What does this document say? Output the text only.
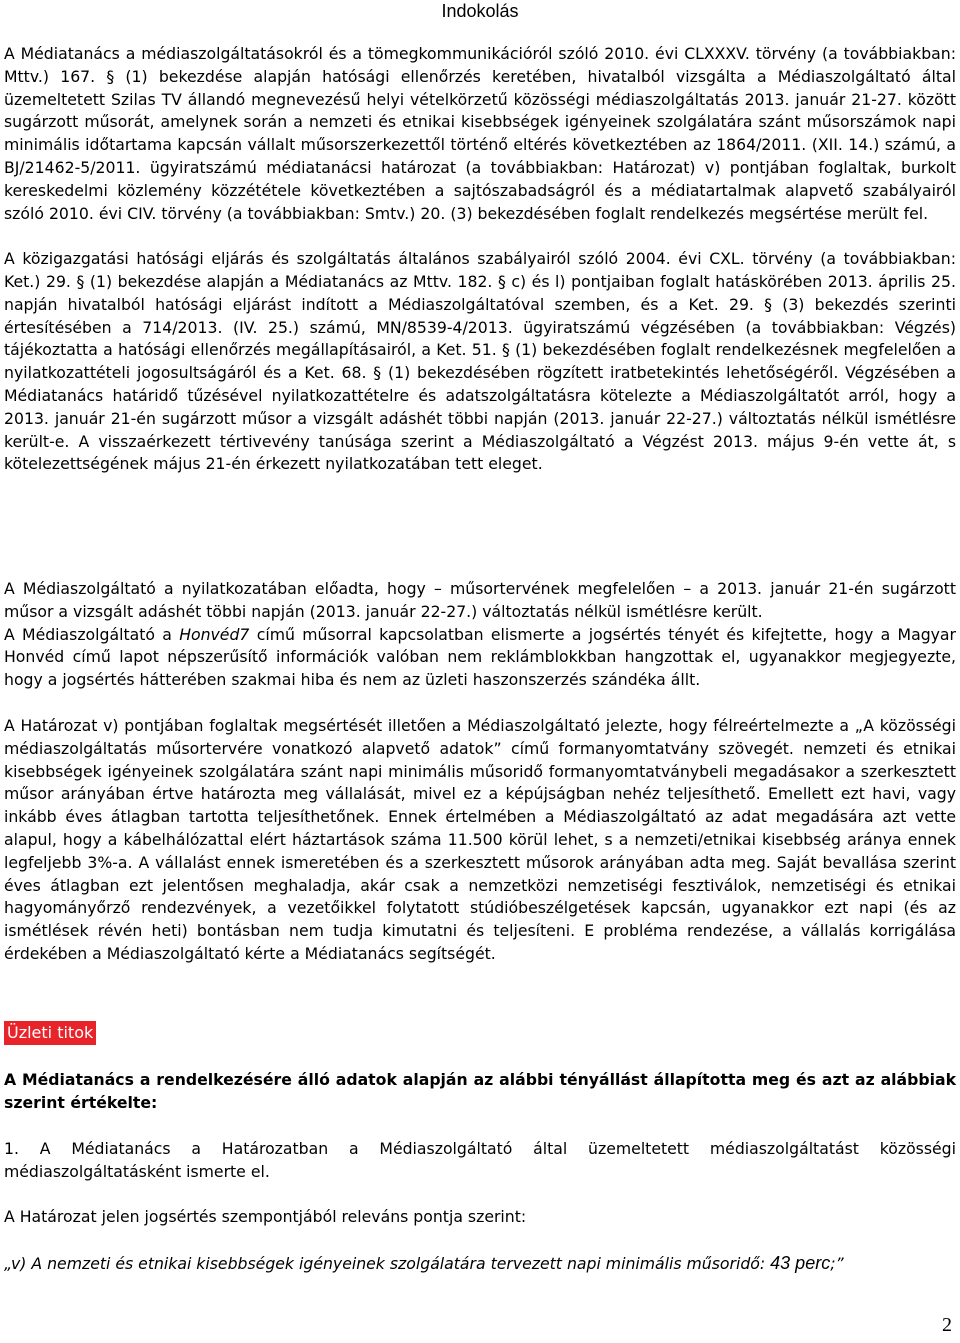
Indokolás

A Médiatanács a médiaszolgáltatásokról és a tömegkommunikációról szóló 2010. évi CLXXXV. törvény (a továbbiakban: Mttv.) 167. § (1) bekezdése alapján hatósági ellenőrzés keretében, hivatalból vizsgálta a Médiaszolgáltató által üzemeltetett Szilas TV állandó megnevezésű helyi vételkörzetű közösségi médiaszolgáltatás 2013. január 21-27. között sugárzott műsorát, amelynek során a nemzeti és etnikai kisebbségek igényeinek szolgálatára szánt műsorszámok napi minimális időtartama kapcsán vállalt műsorszerkezettől történő eltérés következtében az 1864/2011. (XII. 14.) számú, a BJ/21462-5/2011. ügyiratszámú médiatanácsi határozat (a továbbiakban: Határozat) v) pontjában foglaltak, burkolt kereskedelmi közlemény közzététele következtében a sajtószabadságról és a médiatartalmak alapvető szabályairól szóló 2010. évi CIV. törvény (a továbbiakban: Smtv.) 20. (3) bekezdésében foglalt rendelkezés megsértése merült fel.

A közigazgatási hatósági eljárás és szolgáltatás általános szabályairól szóló 2004. évi CXL. törvény (a továbbiakban: Ket.) 29. § (1) bekezdése alapján a Médiatanács az Mttv. 182. § c) és l) pontjaiban foglalt hatáskörében 2013. április 25. napján hivatalból hatósági eljárást indított a Médiaszolgáltatóval szemben, és a Ket. 29. § (3) bekezdés szerinti értesítésében a 714/2013. (IV. 25.) számú, MN/8539-4/2013. ügyiratszámú végzésében (a továbbiakban: Végzés) tájékoztatta a hatósági ellenőrzés megállapításairól, a Ket. 51. § (1) bekezdésében foglalt rendelkezésnek megfelelően a nyilatkozattételi jogosultságáról és a Ket. 68. § (1) bekezdésében rögzített iratbetekintés lehetőségéről. Végzésében a Médiatanács határidő tűzésével nyilatkozattételre és adatszolgáltatásra kötelezte a Médiaszolgáltatót arról, hogy a 2013. január 21-én sugárzott műsor a vizsgált adáshét többi napján (2013. január 22-27.) változtatás nélkül ismétlésre került-e. A visszaérkezett tértivevény tanúsága szerint a Médiaszolgáltató a Végzést 2013. május 9-én vette át, s kötelezettségének május 21-én érkezett nyilatkozatában tett eleget.

A Médiaszolgáltató a nyilatkozatában előadta, hogy – műsortervének megfelelően – a 2013. január 21-én sugárzott műsor a vizsgált adáshét többi napján (2013. január 22-27.) változtatás nélkül ismétlésre került.

A Médiaszolgáltató a Honvéd7 című műsorral kapcsolatban elismerte a jogsértés tényét és kifejtette, hogy a Magyar Honvéd című lapot népszerűsítő információk valóban nem reklámblokkban hangzottak el, ugyanakkor megjegyezte, hogy a jogsértés hátterében szakmai hiba és nem az üzleti haszonszerzés szándéka állt.

A Határozat v) pontjában foglaltak megsértését illetően a Médiaszolgáltató jelezte, hogy félreértelmezte a „A közösségi médiaszolgáltatás műsortervére vonatkozó alapvető adatok” című formanyomtatvány szövegét. nemzeti és etnikai kisebbségek igényeinek szolgálatára szánt napi minimális műsoridő formanyomtatványbeli megadásakor a szerkesztett műsor arányában értve határozta meg vállalását, mivel ez a képújságban nehéz teljesíthető. Emellett ezt havi, vagy inkább éves átlagban tartotta teljesíthetőnek. Ennek értelmében a Médiaszolgáltató az adat megadására azt vette alapul, hogy a kábelhálózattal elért háztartások száma 11.500 körül lehet, s a nemzeti/etnikai kisebbség aránya ennek legfeljebb 3%-a. A vállalást ennek ismeretében és a szerkesztett műsorok arányában adta meg. Saját bevallása szerint éves átlagban ezt jelentősen meghaladja, akár csak a nemzetközi nemzetiségi fesztiválok, nemzetiségi és etnikai hagyományőrző rendezvények, a vezetőikkel folytatott stúdióbeszélgetések kapcsán, ugyanakkor ezt napi (és az ismétlések révén heti) bontásban nem tudja kimutatni és teljesíteni. E probléma rendezése, a vállalás korrigálása érdekében a Médiaszolgáltató kérte a Médiatanács segítségét.

Üzleti titok
A Médiatanács a rendelkezésére álló adatok alapján az alábbi tényállást állapította meg és azt az alábbiak szerint értékelte:

1. A Médiatanács a Határozatban a Médiaszolgáltató által üzemeltetett médiaszolgáltatást közösségi médiaszolgáltatásként ismerte el.

A Határozat jelen jogsértés szempontjából releváns pontja szerint:

„v) A nemzeti és etnikai kisebbségek igényeinek szolgálatára tervezett napi minimális műsoridő: 43 perc;”
2
